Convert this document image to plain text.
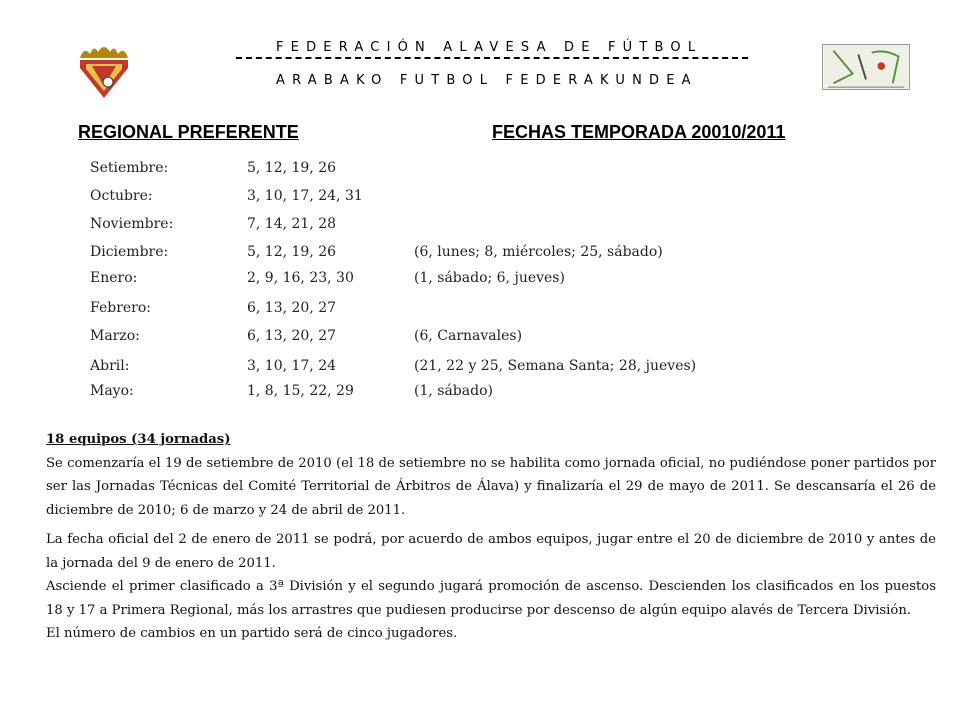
FEDERACIÓN ALAVESA DE FÚTBOL
ARABAKO FUTBOL FEDERAKUNDEA
REGIONAL PREFERENTE	FECHAS TEMPORADA 20010/2011
Setiembre:	5, 12, 19, 26
Octubre:	3, 10, 17, 24, 31
Noviembre:	7, 14, 21, 28
Diciembre:	5, 12, 19, 26	(6, lunes; 8, miércoles; 25, sábado)
Enero:	2, 9, 16, 23, 30	(1, sábado; 6, jueves)
Febrero:	6, 13, 20, 27
Marzo:	6, 13, 20, 27	(6, Carnavales)
Abril:	3, 10, 17, 24	(21, 22 y 25, Semana Santa; 28, jueves)
Mayo:	1, 8, 15, 22, 29	(1, sábado)

18 equipos (34 jornadas)

Se comenzaría el 19 de setiembre de 2010 (el 18 de setiembre no se habilita como jornada oficial, no pudiéndose poner partidos por ser las Jornadas Técnicas del Comité Territorial de Árbitros de Álava) y finalizaría el 29 de mayo de 2011. Se descansaría el 26 de diciembre de 2010; 6 de marzo y 24 de abril de 2011.

La fecha oficial del 2 de enero de 2011 se podrá, por acuerdo de ambos equipos, jugar entre el 20 de diciembre de 2010 y antes de la jornada del 9 de enero de 2011.

Asciende el primer clasificado a 3ª División y el segundo jugará promoción de ascenso. Descienden los clasificados en los puestos 18 y 17 a Primera Regional, más los arrastres que pudiesen producirse por descenso de algún equipo alavés de Tercera División.

El número de cambios en un partido será de cinco jugadores.
